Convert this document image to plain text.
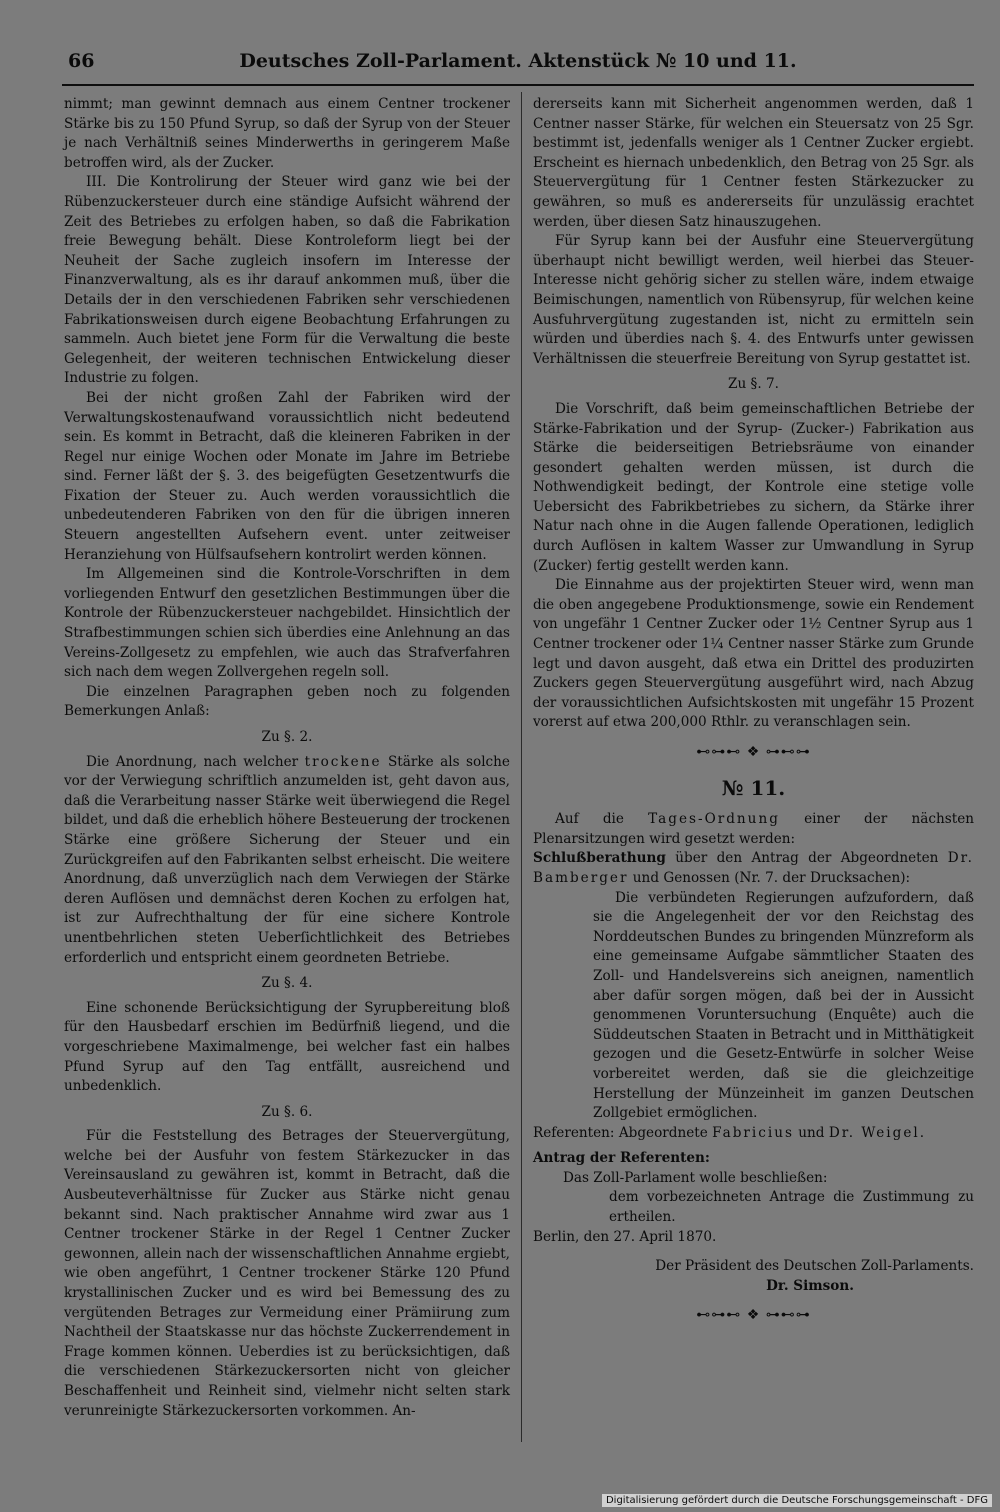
66	Deutsches Zoll-Parlament. Aktenstück № 10 und 11.

nimmt; man gewinnt demnach aus einem Centner trockener Stärke bis zu 150 Pfund Syrup, so daß der Syrup von der Steuer je nach Verhältniß seines Minderwerths in geringerem Maße betroffen wird, als der Zucker.

III. Die Kontrolirung der Steuer wird ganz wie bei der Rübenzuckersteuer durch eine ständige Aufsicht während der Zeit des Betriebes zu erfolgen haben, so daß die Fabrikation freie Bewegung behält. Diese Kontroleform liegt bei der Neuheit der Sache zugleich insofern im Interesse der Finanzverwaltung, als es ihr darauf ankommen muß, über die Details der in den verschiedenen Fabriken sehr verschiedenen Fabrikationsweisen durch eigene Beobachtung Erfahrungen zu sammeln. Auch bietet jene Form für die Verwaltung die beste Gelegenheit, der weiteren technischen Entwickelung dieser Industrie zu folgen.

Bei der nicht großen Zahl der Fabriken wird der Verwaltungskostenaufwand voraussichtlich nicht bedeutend sein. Es kommt in Betracht, daß die kleineren Fabriken in der Regel nur einige Wochen oder Monate im Jahre im Betriebe sind. Ferner läßt der §. 3. des beigefügten Gesetzentwurfs die Fixation der Steuer zu. Auch werden voraussichtlich die unbedeutenderen Fabriken von den für die übrigen inneren Steuern angestellten Aufsehern event. unter zeitweiser Heranziehung von Hülfsaufsehern kontrolirt werden können.

Im Allgemeinen sind die Kontrole-Vorschriften in dem vorliegenden Entwurf den gesetzlichen Bestimmungen über die Kontrole der Rübenzuckersteuer nachgebildet. Hinsichtlich der Strafbestimmungen schien sich überdies eine Anlehnung an das Vereins-Zollgesetz zu empfehlen, wie auch das Strafverfahren sich nach dem wegen Zollvergehen regeln soll.

Die einzelnen Paragraphen geben noch zu folgenden Bemerkungen Anlaß:

Zu §. 2.

Die Anordnung, nach welcher trockene Stärke als solche vor der Verwiegung schriftlich anzumelden ist, geht davon aus, daß die Verarbeitung nasser Stärke weit überwiegend die Regel bildet, und daß die erheblich höhere Besteuerung der trockenen Stärke eine größere Sicherung der Steuer und ein Zurückgreifen auf den Fabrikanten selbst erheischt. Die weitere Anordnung, daß unverzüglich nach dem Verwiegen der Stärke deren Auflösen und demnächst deren Kochen zu erfolgen hat, ist zur Aufrechthaltung der für eine sichere Kontrole unentbehrlichen steten Ueberſichtlichkeit des Betriebes erforderlich und entspricht einem geordneten Betriebe.

Zu §. 4.

Eine schonende Berücksichtigung der Syrupbereitung bloß für den Hausbedarf erschien im Bedürfniß liegend, und die vorgeschriebene Maximalmenge, bei welcher fast ein halbes Pfund Syrup auf den Tag entfällt, ausreichend und unbedenklich.

Zu §. 6.

Für die Feststellung des Betrages der Steuervergütung, welche bei der Ausfuhr von festem Stärkezucker in das Vereinsausland zu gewähren ist, kommt in Betracht, daß die Ausbeuteverhältnisse für Zucker aus Stärke nicht genau bekannt sind. Nach praktischer Annahme wird zwar aus 1 Centner trockener Stärke in der Regel 1 Centner Zucker gewonnen, allein nach der wissenschaftlichen Annahme ergiebt, wie oben angeführt, 1 Centner trockener Stärke 120 Pfund krystallinischen Zucker und es wird bei Bemessung des zu vergütenden Betrages zur Vermeidung einer Prämiirung zum Nachtheil der Staatskasse nur das höchste Zuckerrendement in Frage kommen können. Ueberdies ist zu berücksichtigen, daß die verschiedenen Stärkezuckersorten nicht von gleicher Beschaffenheit und Reinheit sind, vielmehr nicht selten stark verunreinigte Stärkezuckersorten vorkommen. An-

dererseits kann mit Sicherheit angenommen werden, daß 1 Centner nasser Stärke, für welchen ein Steuersatz von 25 Sgr. bestimmt ist, jedenfalls weniger als 1 Centner Zucker ergiebt. Erscheint es hiernach unbedenklich, den Betrag von 25 Sgr. als Steuervergütung für 1 Centner festen Stärkezucker zu gewähren, so muß es andererseits für unzulässig erachtet werden, über diesen Satz hinauszugehen.

Für Syrup kann bei der Ausfuhr eine Steuervergütung überhaupt nicht bewilligt werden, weil hierbei das Steuer-Interesse nicht gehörig sicher zu stellen wäre, indem etwaige Beimischungen, namentlich von Rübensyrup, für welchen keine Ausfuhrvergütung zugestanden ist, nicht zu ermitteln sein würden und überdies nach §. 4. des Entwurfs unter gewissen Verhältnissen die steuerfreie Bereitung von Syrup gestattet ist.

Zu §. 7.

Die Vorschrift, daß beim gemeinschaftlichen Betriebe der Stärke-Fabrikation und der Syrup- (Zucker-) Fabrikation aus Stärke die beiderseitigen Betriebsräume von einander gesondert gehalten werden müssen, ist durch die Nothwendigkeit bedingt, der Kontrole eine stetige volle Uebersicht des Fabrikbetriebes zu sichern, da Stärke ihrer Natur nach ohne in die Augen fallende Operationen, lediglich durch Auflösen in kaltem Wasser zur Umwandlung in Syrup (Zucker) fertig gestellt werden kann.

Die Einnahme aus der projektirten Steuer wird, wenn man die oben angegebene Produktionsmenge, sowie ein Rendement von ungefähr 1 Centner Zucker oder 1½ Centner Syrup aus 1 Centner trockener oder 1¼ Centner nasser Stärke zum Grunde legt und davon ausgeht, daß etwa ein Drittel des produzirten Zuckers gegen Steuervergütung ausgeführt wird, nach Abzug der voraussichtlichen Aufsichtskosten mit ungefähr 15 Prozent vorerst auf etwa 200,000 Rthlr. zu veranschlagen sein.

⊷⊶⊷ ❖ ⊶⊷⊶
№ 11.

Auf die Tages-Ordnung einer der nächsten Plenarsitzungen wird gesetzt werden:

Schlußberathung über den Antrag der Abgeordneten Dr. Bamberger und Genossen (Nr. 7. der Drucksachen):

Die verbündeten Regierungen aufzufordern, daß sie die Angelegenheit der vor den Reichstag des Norddeutschen Bundes zu bringenden Münzreform als eine gemeinsame Aufgabe sämmtlicher Staaten des Zoll- und Handelsvereins sich aneignen, namentlich aber dafür sorgen mögen, daß bei der in Aussicht genommenen Voruntersuchung (Enquête) auch die Süddeutschen Staaten in Betracht und in Mitthätigkeit gezogen und die Gesetz-Entwürfe in solcher Weise vorbereitet werden, daß sie die gleichzeitige Herstellung der Münzeinheit im ganzen Deutschen Zollgebiet ermöglichen.

Referenten: Abgeordnete Fabricius und Dr. Weigel.

Antrag der Referenten:

Das Zoll-Parlament wolle beschließen:

dem vorbezeichneten Antrage die Zustimmung zu ertheilen.

Berlin, den 27. April 1870.

Der Präsident des Deutschen Zoll-Parlaments.

Dr. Simson.

⊷⊶⊷ ❖ ⊶⊷⊶
Digitalisierung gefördert durch die Deutsche Forschungsgemeinschaft - DFG
